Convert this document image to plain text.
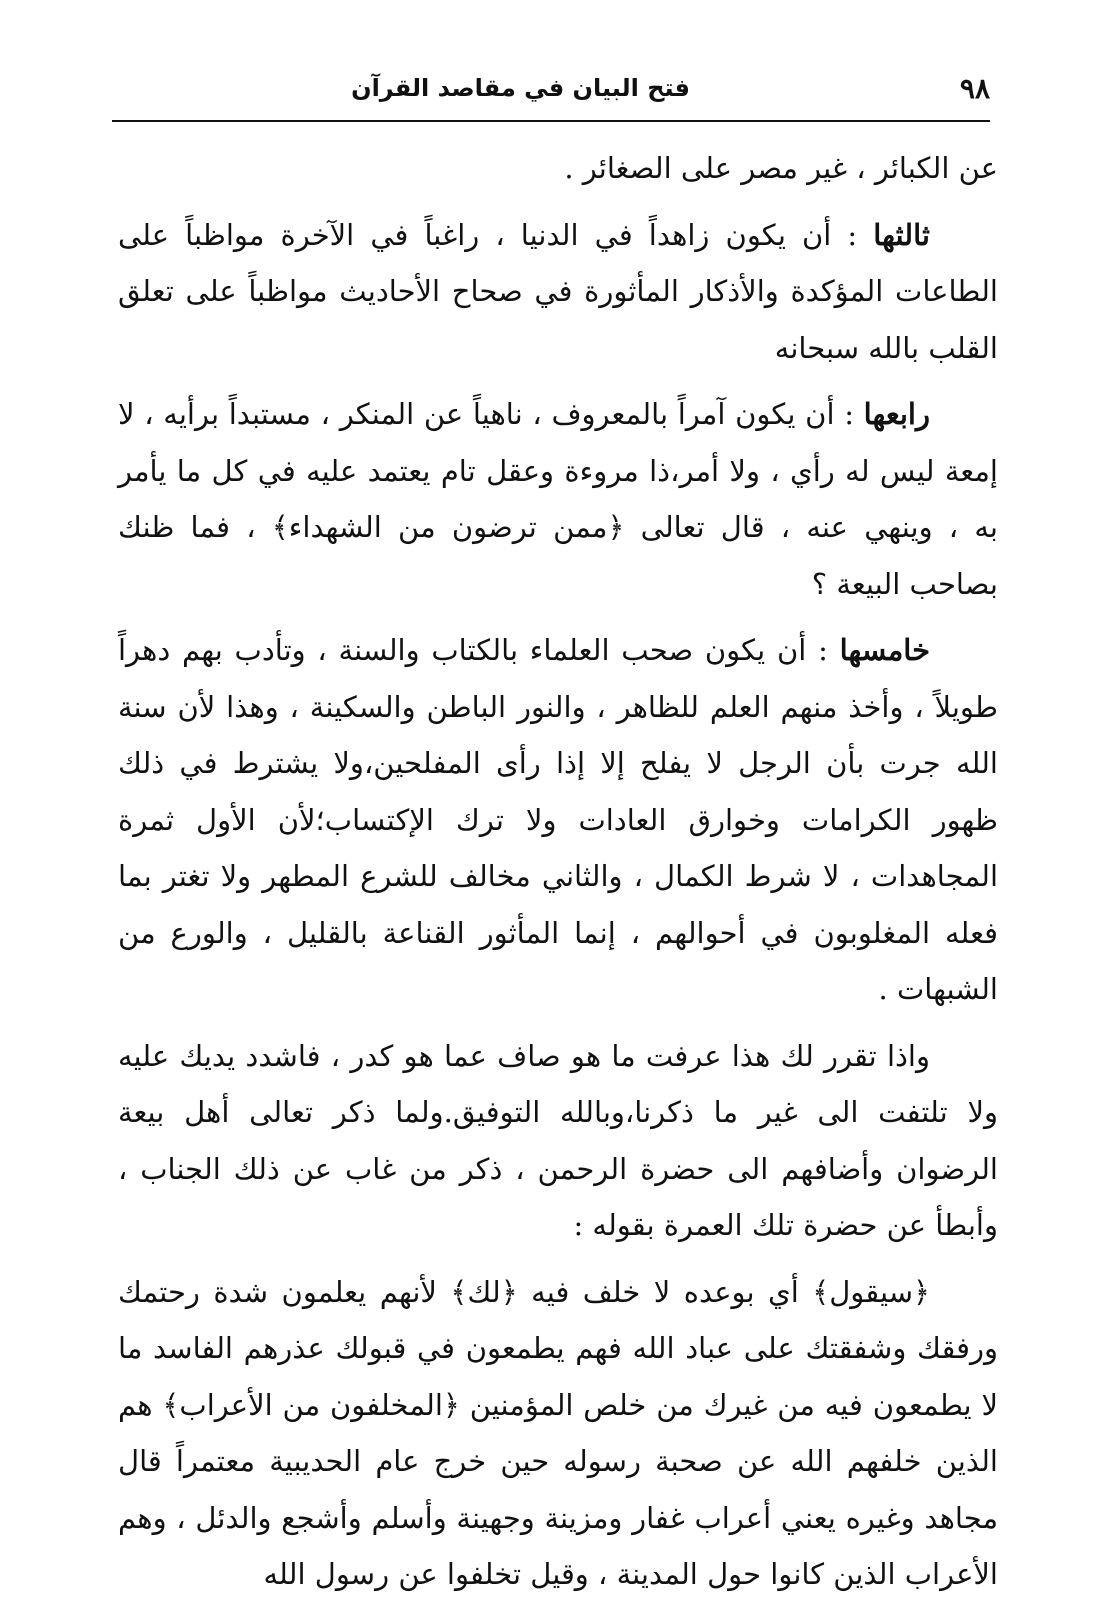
٩٨
فتح البيان في مقاصد القرآن

عن الكبائر ، غير مصر على الصغائر .

ثالثها : أن يكون زاهداً في الدنيا ، راغباً في الآخرة مواظباً على الطاعات المؤكدة والأذكار المأثورة في صحاح الأحاديث مواظباً على تعلق القلب بالله سبحانه

رابعها : أن يكون آمراً بالمعروف ، ناهياً عن المنكر ، مستبداً برأيه ، لا إمعة ليس له رأي ، ولا أمر،ذا مروءة وعقل تام يعتمد عليه في كل ما يأمر به ، وينهي عنه ، قال تعالى ﴿ممن ترضون من الشهداء﴾ ، فما ظنك بصاحب البيعة ؟

خامسها : أن يكون صحب العلماء بالكتاب والسنة ، وتأدب بهم دهراً طويلاً ، وأخذ منهم العلم للظاهر ، والنور الباطن والسكينة ، وهذا لأن سنة الله جرت بأن الرجل لا يفلح إلا إذا رأى المفلحين،ولا يشترط في ذلك ظهور الكرامات وخوارق العادات ولا ترك الإكتساب؛لأن الأول ثمرة المجاهدات ، لا شرط الكمال ، والثاني مخالف للشرع المطهر ولا تغتر بما فعله المغلوبون في أحوالهم ، إنما المأثور القناعة بالقليل ، والورع من الشبهات .

واذا تقرر لك هذا عرفت ما هو صاف عما هو كدر ، فاشدد يديك عليه ولا تلتفت الى غير ما ذكرنا،وبالله التوفيق.ولما ذكر تعالى أهل بيعة الرضوان وأضافهم الى حضرة الرحمن ، ذكر من غاب عن ذلك الجناب ، وأبطأ عن حضرة تلك العمرة بقوله :

﴿سيقول﴾ أي بوعده لا خلف فيه ﴿لك﴾ لأنهم يعلمون شدة رحتمك ورفقك وشفقتك على عباد الله فهم يطمعون في قبولك عذرهم الفاسد ما لا يطمعون فيه من غيرك من خلص المؤمنين ﴿المخلفون من الأعراب﴾ هم الذين خلفهم الله عن صحبة رسوله حين خرج عام الحديبية معتمراً قال مجاهد وغيره يعني أعراب غفار ومزينة وجهينة وأسلم وأشجع والدئل ، وهم الأعراب الذين كانوا حول المدينة ، وقيل تخلفوا عن رسول الله
